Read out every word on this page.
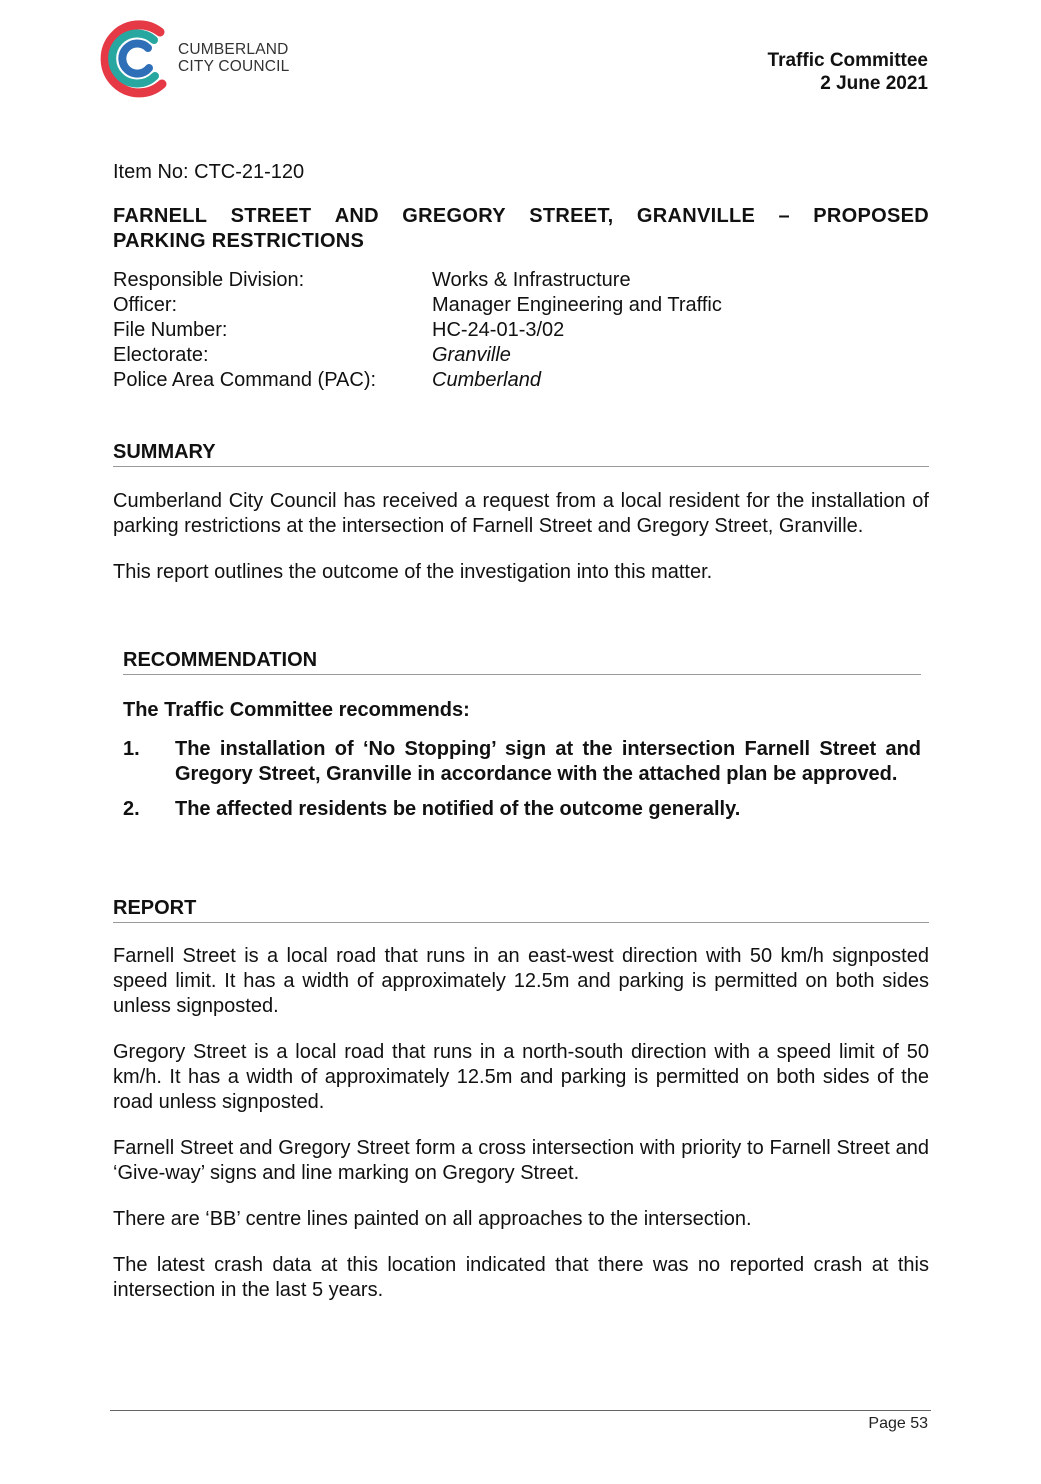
CUMBERLAND
CITY COUNCIL	Traffic Committee
2 June 2021

Item No: CTC-21-120

FARNELL STREET AND GREGORY STREET, GRANVILLE – PROPOSED
PARKING RESTRICTIONS
Responsible Division:	Works & Infrastructure
Officer:	Manager Engineering and Traffic
File Number:	HC-24-01-3/02
Electorate:	Granville
Police Area Command (PAC):	Cumberland
SUMMARY

Cumberland City Council has received a request from a local resident for the installation of parking restrictions at the intersection of Farnell Street and Gregory Street, Granville.

This report outlines the outcome of the investigation into this matter.

RECOMMENDATION

The Traffic Committee recommends:

1.	The installation of ‘No Stopping’ sign at the intersection Farnell Street and Gregory Street, Granville in accordance with the attached plan be approved.
2.	The affected residents be notified of the outcome generally.
REPORT

Farnell Street is a local road that runs in an east-west direction with 50 km/h signposted speed limit. It has a width of approximately 12.5m and parking is permitted on both sides unless signposted.

Gregory Street is a local road that runs in a north-south direction with a speed limit of 50 km/h. It has a width of approximately 12.5m and parking is permitted on both sides of the road unless signposted.

Farnell Street and Gregory Street form a cross intersection with priority to Farnell Street and ‘Give-way’ signs and line marking on Gregory Street.

There are ‘BB’ centre lines painted on all approaches to the intersection.

The latest crash data at this location indicated that there was no reported crash at this intersection in the last 5 years.

Page 53
